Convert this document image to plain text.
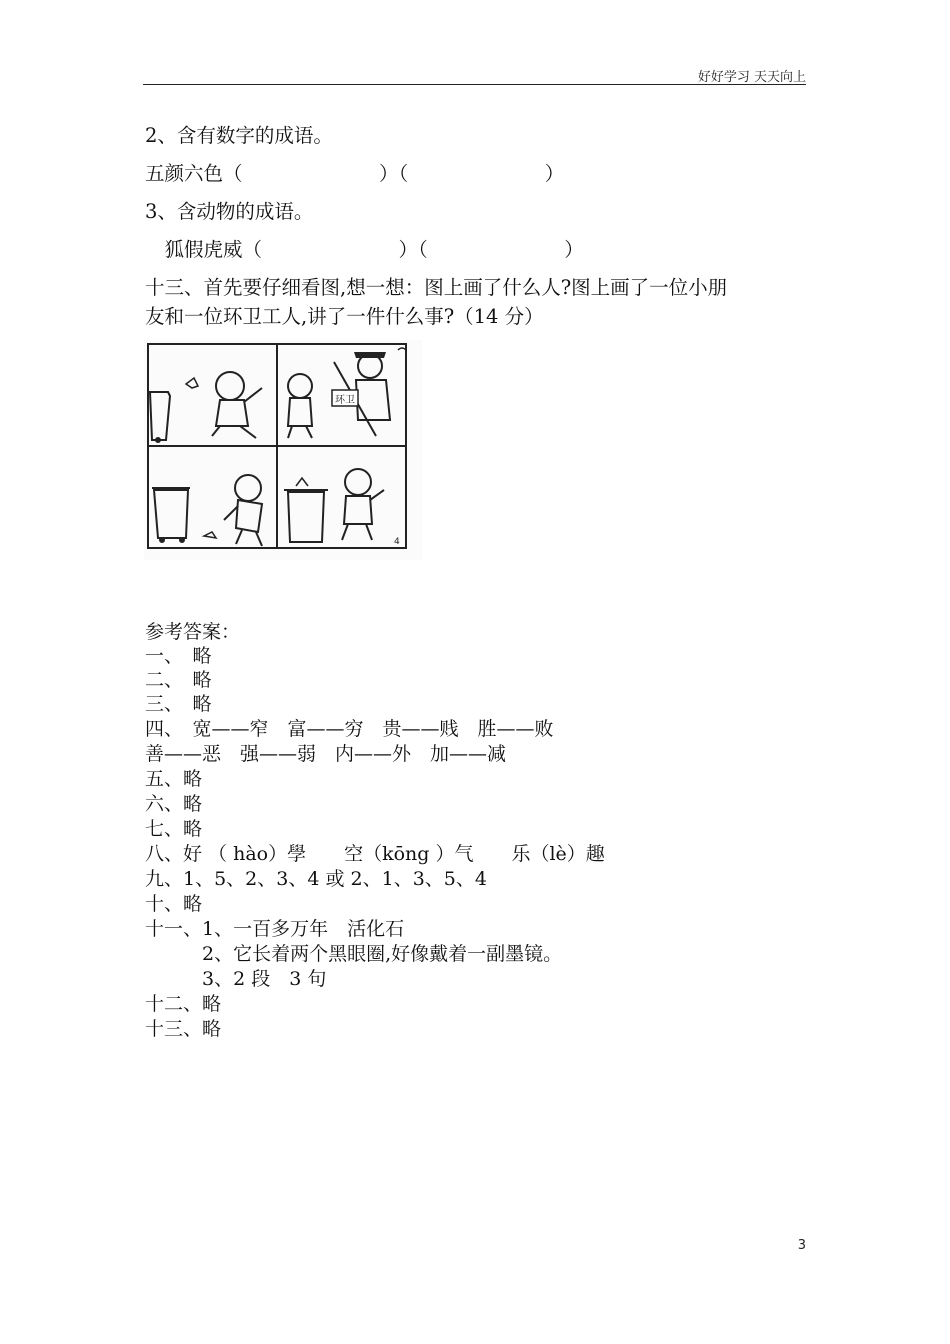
好好学习 天天向上
2、含有数字的成语。
五颜六色（　　　　　　　）（　　　　　　　）
3、含动物的成语。
　狐假虎威（　　　　　　　）（　　　　　　　）
十三、首先要仔细看图,想一想：图上画了什么人?图上画了一位小朋
友和一位环卫工人,讲了一件什么事?（14 分）
环卫
4
参考答案：
一、　略
二、　略
三、　略
四、　宽——窄　富——穷　贵——贱　胜——败
善——恶　强——弱　内——外　加——减
五、略
六、略
七、略
八、好 （ hào）學　　空（kōng ）气　　乐（lè）趣
九、1、5、2、3、4 或 2、1、3、5、4
十、略
十一、1、一百多万年　活化石
　　　2、它长着两个黑眼圈,好像戴着一副墨镜。
　　　3、2 段　3 句
十二、略
十三、略
3
